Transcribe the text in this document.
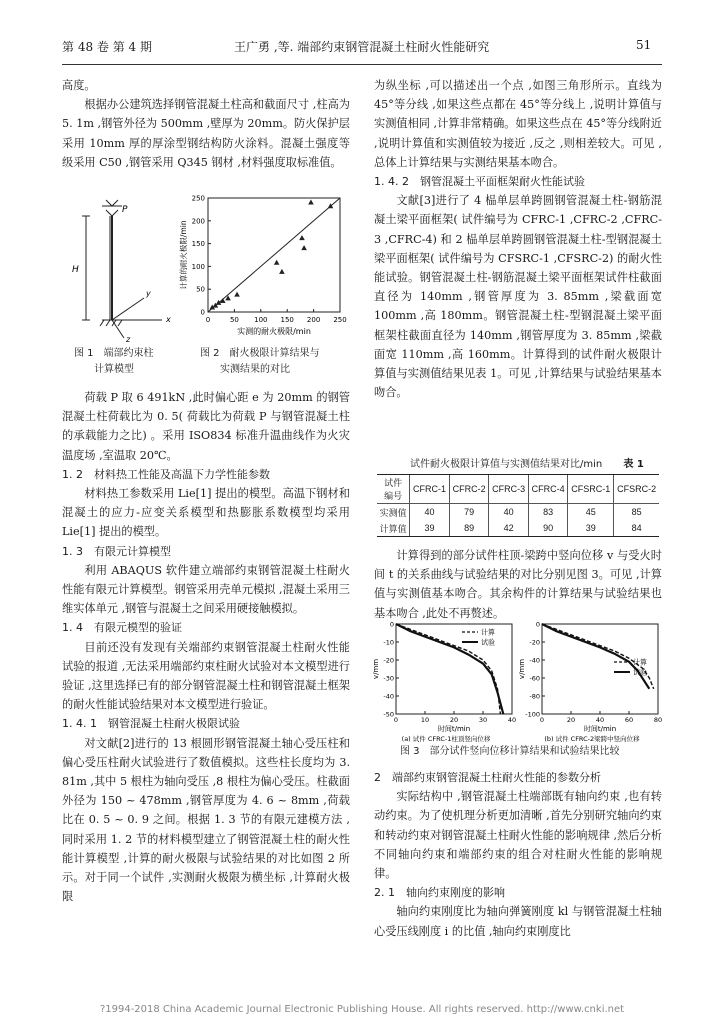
第 48 卷 第 4 期	王广勇 ,等. 端部约束钢管混凝土柱耐火性能研究	51

高度。

根据办公建筑选择钢管混凝土柱高和截面尺寸 ,柱高为 5. 1m ,钢管外径为 500mm ,壁厚为 20mm。防火保护层采用 10mm 厚的厚涂型钢结构防火涂料。混凝土强度等级采用 C50 ,钢管采用 Q345 钢材 ,材料强度取标准值。

H
P
y
z
x	0	50 100 150 200 250
0
50
100
150
200
250
实测的耐火极限/min
计算的耐火极限/min
图 1　端部约束柱
　　计算模型
图 2　耐火极限计算结果与
　　实测结果的对比

荷载 P 取 6 491kN ,此时偏心距 e 为 20mm 的钢管混凝土柱荷载比为 0. 5( 荷载比为荷载 P 与钢管混凝土柱的承载能力之比) 。采用 ISO834 标准升温曲线作为火灾温度场 ,室温取 20℃。

1. 2　材料热工性能及高温下力学性能参数

材料热工参数采用 Lie[1] 提出的模型。高温下钢材和混凝土的应力-应变关系模型和热膨胀系数模型均采用 Lie[1] 提出的模型。

1. 3　有限元计算模型

利用 ABAQUS 软件建立端部约束钢管混凝土柱耐火性能有限元计算模型。钢管采用壳单元模拟 ,混凝土采用三维实体单元 ,钢管与混凝土之间采用硬接触模拟。

1. 4　有限元模型的验证

目前还没有发现有关端部约束钢管混凝土柱耐火性能试验的报道 ,无法采用端部约束柱耐火试验对本文模型进行验证 ,这里选择已有的部分钢管混凝土柱和钢管混凝土框架的耐火性能试验结果对本文模型进行验证。

1. 4. 1　钢管混凝土柱耐火极限试验

对文献[2]进行的 13 根圆形钢管混凝土轴心受压柱和偏心受压柱耐火试验进行了数值模拟。这些柱长度均为 3. 81m ,其中 5 根柱为轴向受压 ,8 根柱为偏心受压。柱截面外径为 150 ~ 478mm ,钢管厚度为 4. 6 ~ 8mm ,荷载比在 0. 5 ~ 0. 9 之间。根据 1. 3 节的有限元建模方法 ,同时采用 1. 2 节的材料模型建立了钢管混凝土柱的耐火性能计算模型 ,计算的耐火极限与试验结果的对比如图 2 所示。对于同一个试件 ,实测耐火极限为横坐标 ,计算耐火极限

为纵坐标 ,可以描述出一个点 ,如图三角形所示。直线为 45°等分线 ,如果这些点都在 45°等分线上 ,说明计算值与实测值相同 ,计算非常精确。如果这些点在 45°等分线附近 ,说明计算值和实测值较为接近 ,反之 ,则相差较大。可见 ,总体上计算结果与实测结果基本吻合。

1. 4. 2　钢管混凝土平面框架耐火性能试验

文献[3]进行了 4 榀单层单跨圆钢管混凝土柱-钢筋混凝土梁平面框架( 试件编号为 CFRC-1 ,CFRC-2 ,CFRC-3 ,CFRC-4) 和 2 榀单层单跨圆钢管混凝土柱-型钢混凝土梁平面框架( 试件编号为 CFSRC-1 ,CFSRC-2) 的耐火性能试验。钢管混凝土柱-钢筋混凝土梁平面框架试件柱截面直径为 140mm ,钢管厚度为 3. 85mm ,梁截面宽 100mm ,高 180mm。钢管混凝土柱-型钢混凝土梁平面框架柱截面直径为 140mm ,钢管厚度为 3. 85mm ,梁截面宽 110mm ,高 160mm。计算得到的试件耐火极限计算值与实测值结果见表 1。可见 ,计算结果与试验结果基本吻合。

试件耐火极限计算值与实测值结果对比/min 表 1
试件
编号	CFRC-1	CFRC-2	CFRC-3	CFRC-4	CFSRC-1	CFSRC-2
实测值	40	79	40	83	45	85
计算值	39	89	42	90	39	84

计算得到的部分试件柱顶-梁跨中竖向位移 v 与受火时间 t 的关系曲线与试验结果的对比分别见图 3。可见 ,计算值与实测值基本吻合。其余构件的计算结果与试验结果也基本吻合 ,此处不再赘述。

0	10	20	30	40
0
-10
-20
-30
-40
-50
计算
试验
时间t/min
v/mm
(a) 试件 CFRC-1柱顶竖向位移
0	20	40	60	80
0
-20
-40
-60
-80
-100
计算
试验
时间t/min
v/mm
(b) 试件 CFRC-2梁跨中竖向位移
图 3　部分试件竖向位移计算结果和试验结果比较

2　端部约束钢管混凝土柱耐火性能的参数分析

实际结构中 ,钢管混凝土柱端部既有轴向约束 ,也有转动约束。为了使机理分析更加清晰 ,首先分别研究轴向约束和转动约束对钢管混凝土柱耐火性能的影响规律 ,然后分析不同轴向约束和端部约束的组合对柱耐火性能的影响规律。

2. 1　轴向约束刚度的影响

轴向约束刚度比为轴向弹簧刚度 kl 与钢管混凝土柱轴心受压线刚度 i 的比值 ,轴向约束刚度比

?1994-2018 China Academic Journal Electronic Publishing House. All rights reserved. http://www.cnki.net
